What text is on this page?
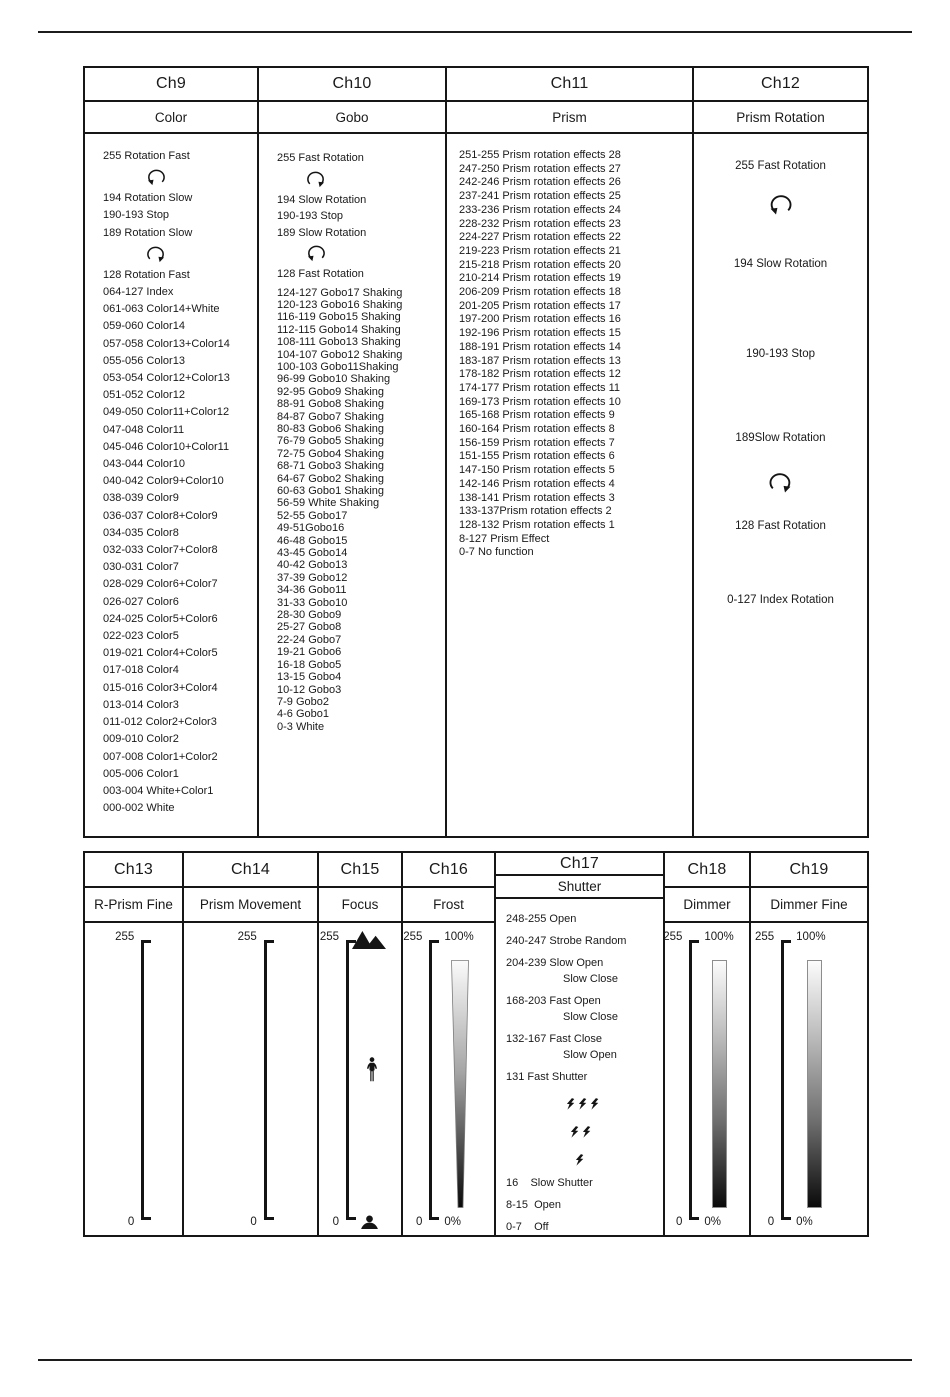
Ch9
Color
255 Rotation Fast
194 Rotation Slow
190-193 Stop
189 Rotation Slow
128 Rotation Fast
064-127 Index
061-063 Color14+White
059-060 Color14
057-058 Color13+Color14
055-056 Color13
053-054 Color12+Color13
051-052 Color12
049-050 Color11+Color12
047-048 Color11
045-046 Color10+Color11
043-044 Color10
040-042 Color9+Color10
038-039 Color9
036-037 Color8+Color9
034-035 Color8
032-033 Color7+Color8
030-031 Color7
028-029 Color6+Color7
026-027 Color6
024-025 Color5+Color6
022-023 Color5
019-021 Color4+Color5
017-018 Color4
015-016 Color3+Color4
013-014 Color3
011-012 Color2+Color3
009-010 Color2
007-008 Color1+Color2
005-006 Color1
003-004 White+Color1
000-002 White
Ch10
Gobo
255 Fast Rotation
194 Slow Rotation
190-193 Stop
189 Slow Rotation
128 Fast Rotation
124-127 Gobo17 Shaking
120-123 Gobo16 Shaking
116-119 Gobo15 Shaking
112-115 Gobo14 Shaking
108-111 Gobo13 Shaking
104-107 Gobo12 Shaking
100-103 Gobo11Shaking
96-99 Gobo10 Shaking
92-95 Gobo9 Shaking
88-91 Gobo8 Shaking
84-87 Gobo7 Shaking
80-83 Gobo6 Shaking
76-79 Gobo5 Shaking
72-75 Gobo4 Shaking
68-71 Gobo3 Shaking
64-67 Gobo2 Shaking
60-63 Gobo1 Shaking
56-59 White Shaking
52-55 Gobo17
49-51Gobo16
46-48 Gobo15
43-45 Gobo14
40-42 Gobo13
37-39 Gobo12
34-36 Gobo11
31-33 Gobo10
28-30 Gobo9
25-27 Gobo8
22-24 Gobo7
19-21 Gobo6
16-18 Gobo5
13-15 Gobo4
10-12 Gobo3
7-9 Gobo2
4-6 Gobo1
0-3 White
Ch11
Prism
251-255 Prism rotation effects 28
247-250 Prism rotation effects 27
242-246 Prism rotation effects 26
237-241 Prism rotation effects 25
233-236 Prism rotation effects 24
228-232 Prism rotation effects 23
224-227 Prism rotation effects 22
219-223 Prism rotation effects 21
215-218 Prism rotation effects 20
210-214 Prism rotation effects 19
206-209 Prism rotation effects 18
201-205 Prism rotation effects 17
197-200 Prism rotation effects 16
192-196 Prism rotation effects 15
188-191 Prism rotation effects 14
183-187 Prism rotation effects 13
178-182 Prism rotation effects 12
174-177 Prism rotation effects 11
169-173 Prism rotation effects 10
165-168 Prism rotation effects 9
160-164 Prism rotation effects 8
156-159 Prism rotation effects 7
151-155 Prism rotation effects 6
147-150 Prism rotation effects 5
142-146 Prism rotation effects 4
138-141 Prism rotation effects 3
133-137Prism rotation effects 2
128-132 Prism rotation effects 1
8-127 Prism Effect
0-7 No function
Ch12
Prism Rotation
255 Fast Rotation
194 Slow Rotation
190-193 Stop
189Slow Rotation
128 Fast Rotation
0-127 Index Rotation
Ch13
R-Prism Fine
255
0
Ch14
Prism Movement
255
0
Ch15
Focus
255
0
Ch16
Frost
255
0
100%
0%
Ch17
Shutter
248-255 Open
240-247 Strobe Random
204-239 Slow Open
Slow Close
168-203 Fast Open
Slow Close
132-167 Fast Close
Slow Open
131 Fast Shutter
16    Slow Shutter
8-15  Open
0-7    Off
Ch18
Dimmer
255
0
100%
0%
Ch19
Dimmer Fine
255
0
100%
0%
